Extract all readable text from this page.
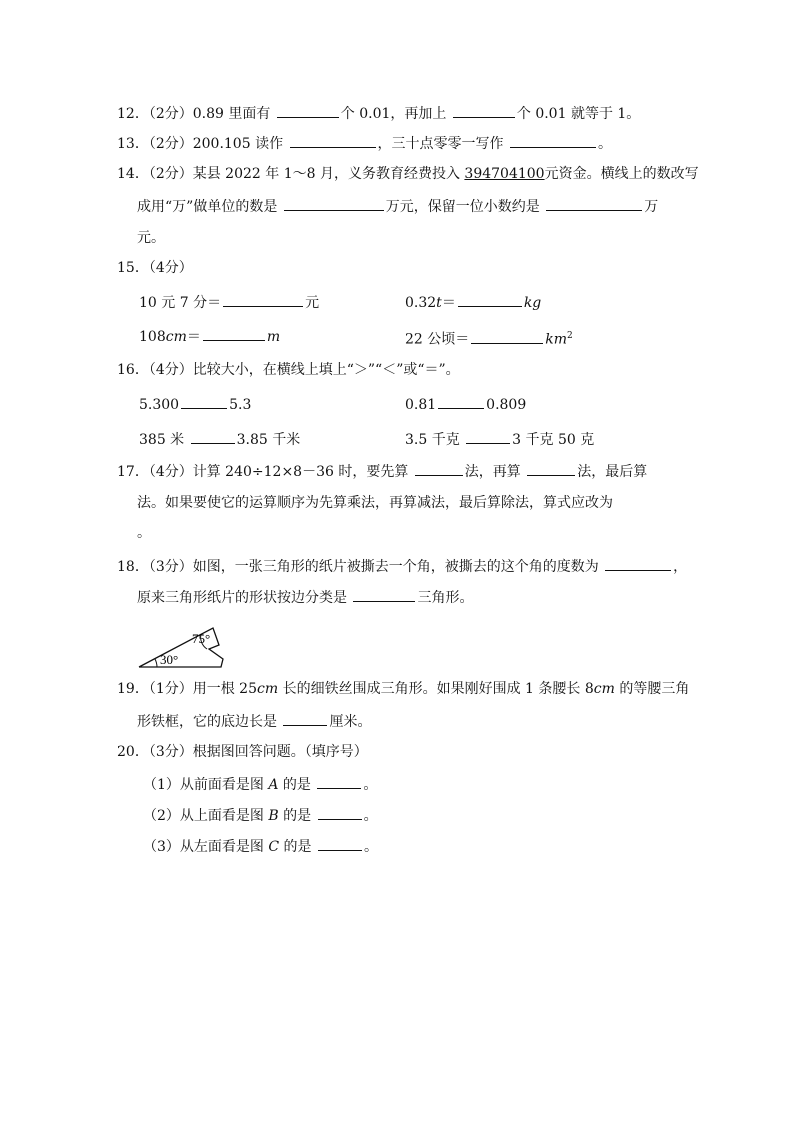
12．（2分）0.89 里面有	个 0.01，再加上	个 0.01 就等于 1。
13．（2分）200.105 读作	，三十点零零一写作	。
14．（2分）某县 2022 年 1～8 月，义务教育经费投入 394704100元资金。横线上的数改写
成用“万”做单位的数是	万元，保留一位小数约是	万
元。
15．（4分）
10 元 7 分＝	元	0.32t＝	kg
108cm＝	m	22 公顷＝	$km^2$
16．（4分）比较大小，在横线上填上“＞”“＜”或“＝”。
5.300	5.3	0.81	0.809
385 米	3.85 千米	3.5 千克	3 千克 50 克
17．（4分）计算 240÷12×8－36 时，要先算	法，再算	法，最后算
法。如果要使它的运算顺序为先算乘法，再算减法，最后算除法，算式应改为
。
18．（3分）如图，一张三角形的纸片被撕去一个角，被撕去的这个角的度数为	，
原来三角形纸片的形状按边分类是	三角形。
75°
30°
19．（1分）用一根 25cm 长的细铁丝围成三角形。如果刚好围成 1 条腰长 8cm 的等腰三角
形铁框，它的底边长是	厘米。
20．（3分）根据图回答问题。（填序号）
（1）从前面看是图 A 的是	。
（2）从上面看是图 B 的是	。
（3）从左面看是图 C 的是	。
